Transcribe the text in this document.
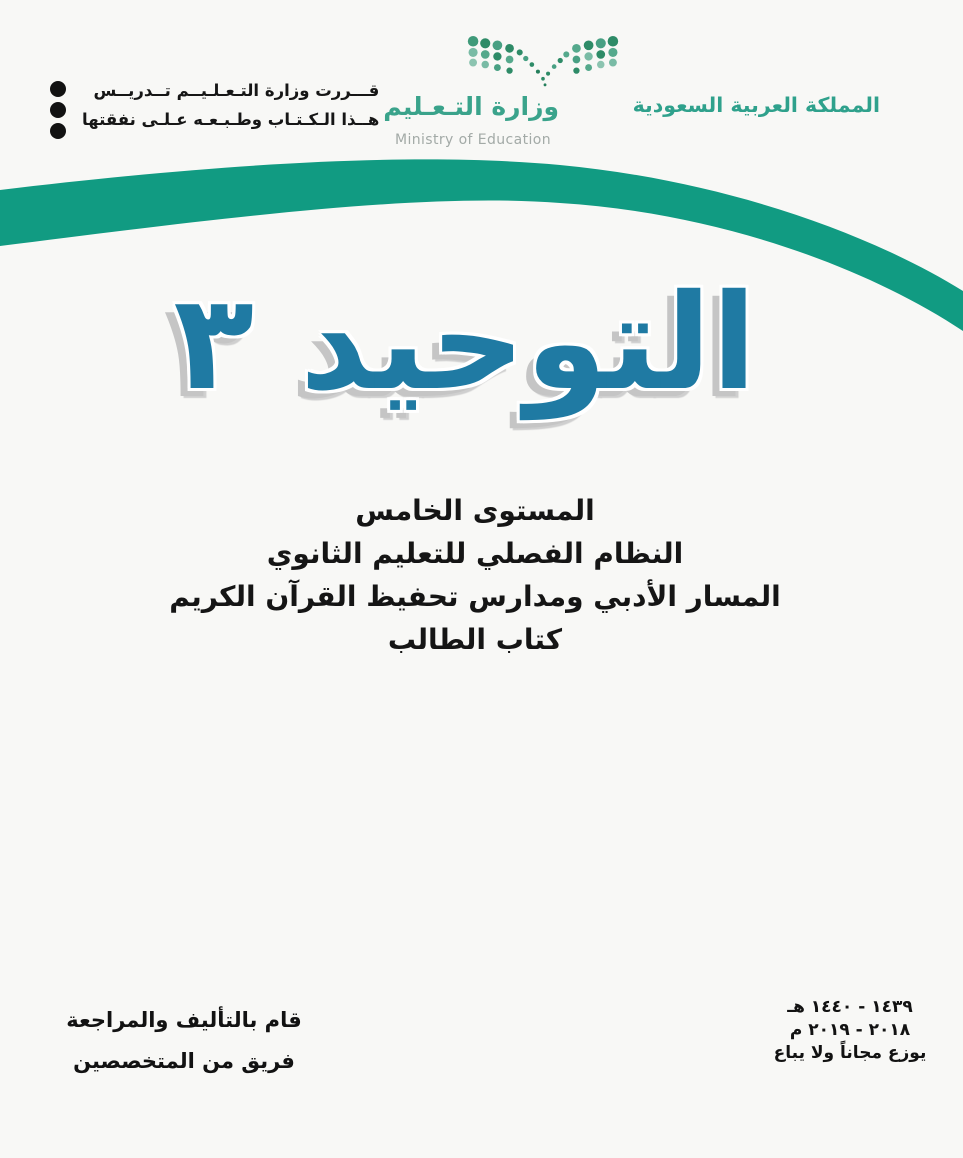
قـــررت وزارة التـعـلـيــم تــدريــس
هــذا الـكـتـاب وطـبـعـه عـلـى نفقتها وزارة التـعـليم
Ministry of Education
المملكة العربية السعودية
التوحيد ٣
المستوى الخامس
النظام الفصلي للتعليم الثانوي
المسار الأدبي ومدارس تحفيظ القرآن الكريم
كتاب الطالب
قام بالتأليف والمراجعة
فريق من المتخصصين
١٤٣٩ - ١٤٤٠ هـ
٢٠١٨ - ٢٠١٩ م
يوزع مجاناً ولا يباع
